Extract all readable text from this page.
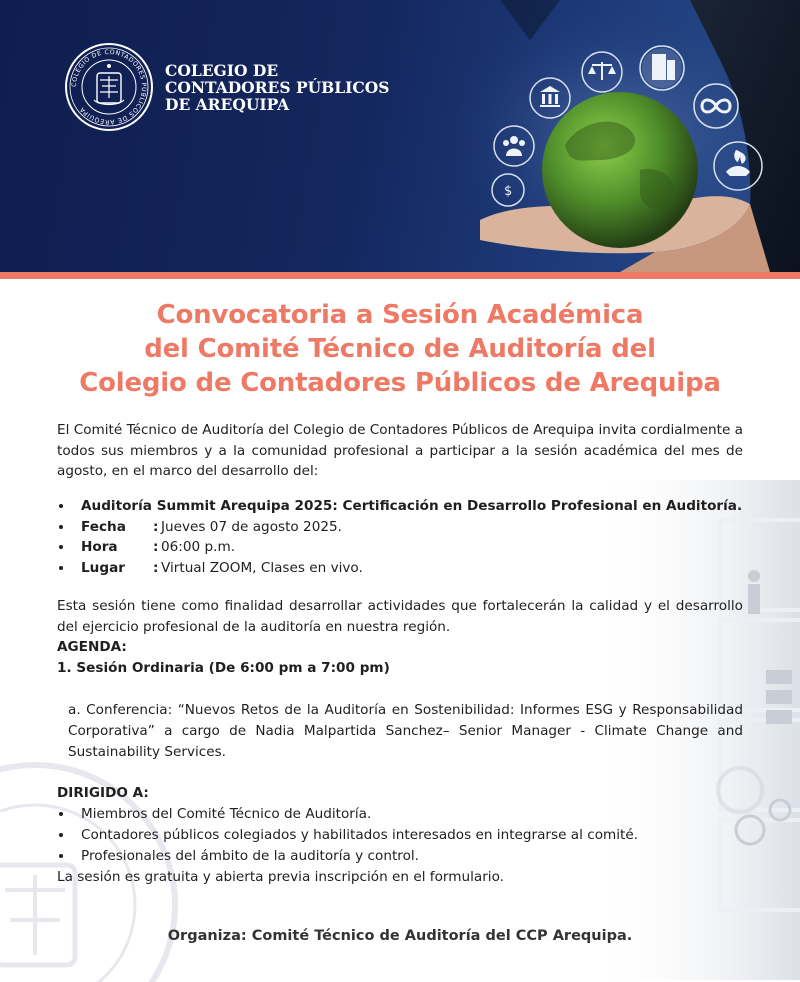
$
COLEGIO DE CONTADORES PÚBLICOS DE AREQUIPA
COLEGIO DE
CONTADORES PÚBLICOS
DE AREQUIPA
Convocatoria a Sesión Académica
del Comité Técnico de Auditoría del
Colegio de Contadores Públicos de Arequipa
El Comité Técnico de Auditoría del Colegio de Contadores Públicos de Arequipa invita cordialmente a todos sus miembros y a la comunidad profesional a participar a la sesión académica del mes de agosto, en el marco del desarrollo del:
Auditoría Summit Arequipa 2025: Certificación en Desarrollo Profesional en Auditoría.
Fecha : Jueves 07 de agosto 2025.
Hora	: 06:00 p.m.
Lugar : Virtual ZOOM, Clases en vivo.
Esta sesión tiene como finalidad desarrollar actividades que fortalecerán la calidad y el desarrollo del ejercicio profesional de la auditoría en nuestra región.
AGENDA:
1. Sesión Ordinaria (De 6:00 pm a 7:00 pm)
a. Conferencia: “Nuevos Retos de la Auditoría en Sostenibilidad: Informes ESG y Responsabilidad Corporativa” a cargo de Nadia Malpartida Sanchez– Senior Manager - Climate Change and Sustainability Services.
DIRIGIDO A:
Miembros del Comité Técnico de Auditoría.
Contadores públicos colegiados y habilitados interesados en integrarse al comité.
Profesionales del ámbito de la auditoría y control.
La sesión es gratuita y abierta previa inscripción en el formulario.
Organiza: Comité Técnico de Auditoría del CCP Arequipa.
